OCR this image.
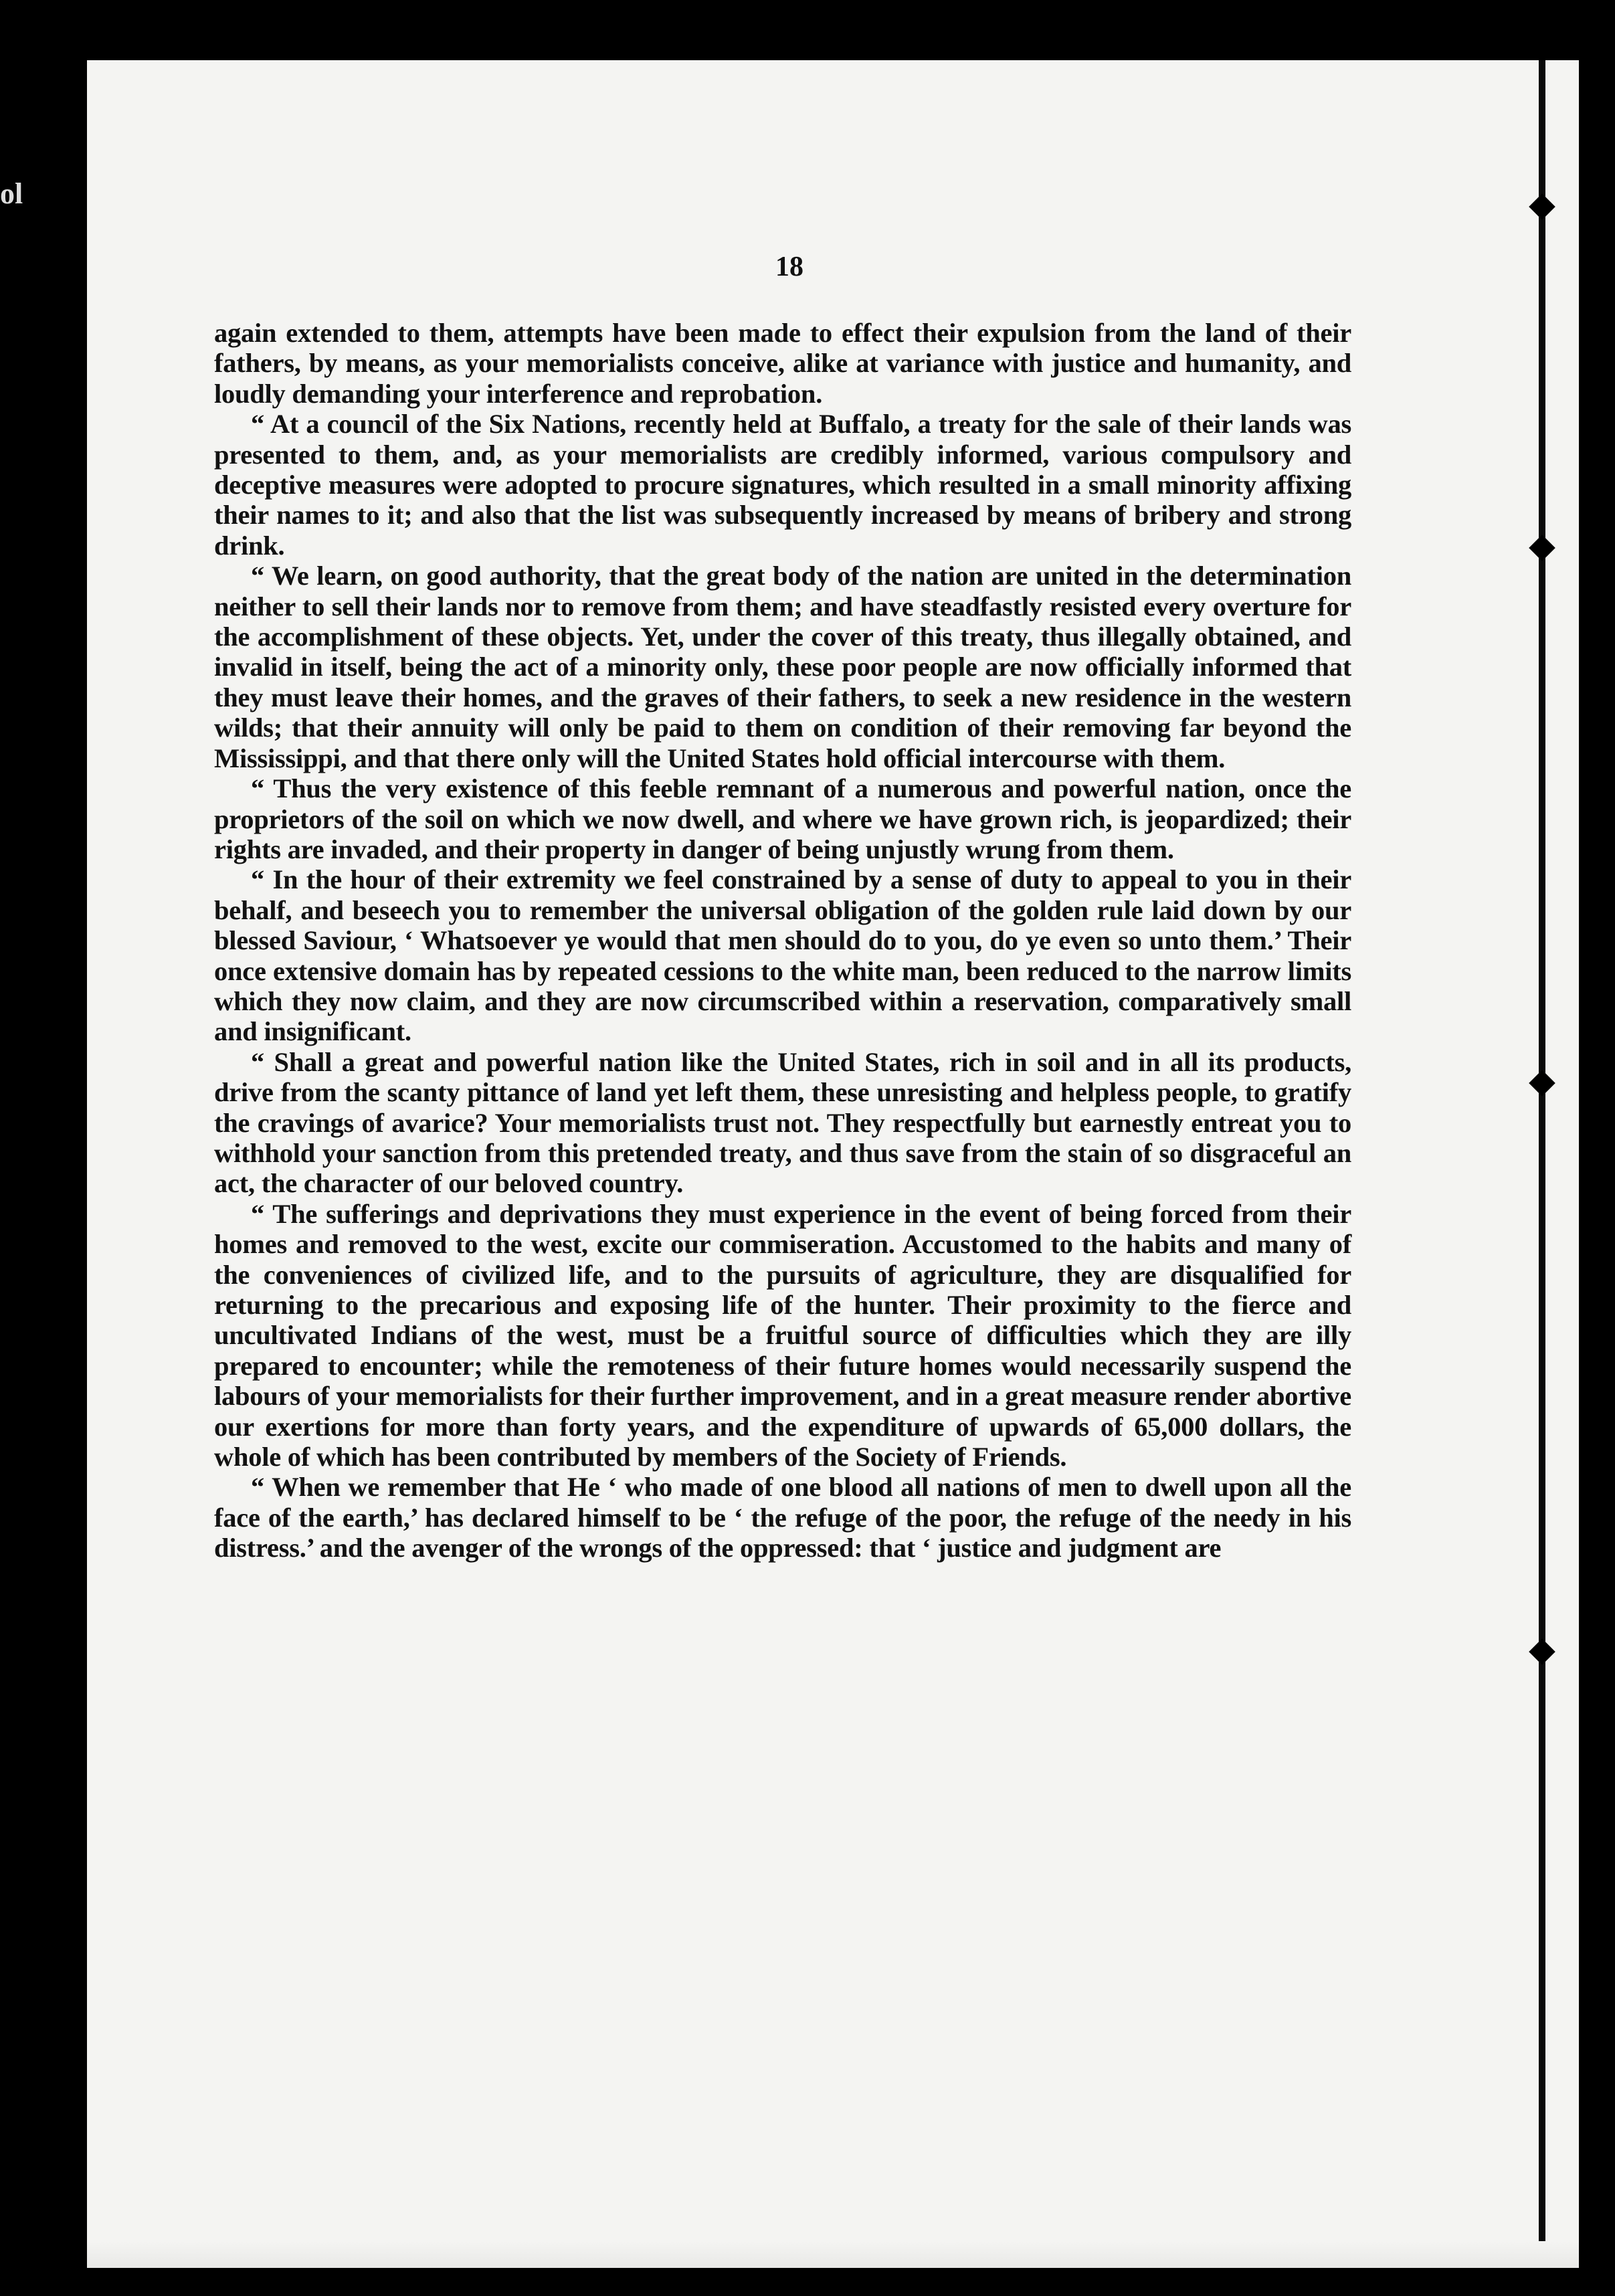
ol
18

again extended to them, attempts have been made to effect their expulsion from the land of their fathers, by means, as your memorialists conceive, alike at variance with justice and humanity, and loudly demanding your interference and reprobation.

“ At a council of the Six Nations, recently held at Buffalo, a treaty for the sale of their lands was presented to them, and, as your memorialists are credibly informed, various compulsory and deceptive measures were adopted to procure signatures, which resulted in a small minority affixing their names to it; and also that the list was subsequently increased by means of bribery and strong drink.

“ We learn, on good authority, that the great body of the nation are united in the determination neither to sell their lands nor to remove from them; and have steadfastly resisted every overture for the accomplishment of these objects. Yet, under the cover of this treaty, thus illegally obtained, and invalid in itself, being the act of a minority only, these poor people are now officially informed that they must leave their homes, and the graves of their fathers, to seek a new residence in the western wilds; that their annuity will only be paid to them on condition of their removing far beyond the Mississippi, and that there only will the United States hold official intercourse with them.

“ Thus the very existence of this feeble remnant of a numerous and powerful nation, once the proprietors of the soil on which we now dwell, and where we have grown rich, is jeopardized; their rights are invaded, and their property in danger of being unjustly wrung from them.

“ In the hour of their extremity we feel constrained by a sense of duty to appeal to you in their behalf, and beseech you to remember the universal obligation of the golden rule laid down by our blessed Saviour, ‘ Whatsoever ye would that men should do to you, do ye even so unto them.’ Their once extensive domain has by repeated cessions to the white man, been reduced to the narrow limits which they now claim, and they are now circumscribed within a reservation, comparatively small and insignificant.

“ Shall a great and powerful nation like the United States, rich in soil and in all its products, drive from the scanty pittance of land yet left them, these unresisting and helpless people, to gratify the cravings of avarice? Your memorialists trust not. They respectfully but earnestly entreat you to withhold your sanction from this pretended treaty, and thus save from the stain of so disgraceful an act, the character of our beloved country.

“ The sufferings and deprivations they must experience in the event of being forced from their homes and removed to the west, excite our commiseration. Accustomed to the habits and many of the conveniences of civilized life, and to the pursuits of agriculture, they are disqualified for returning to the precarious and exposing life of the hunter. Their proximity to the fierce and uncultivated Indians of the west, must be a fruitful source of difficulties which they are illy prepared to encounter; while the remoteness of their future homes would necessarily suspend the labours of your memorialists for their further improvement, and in a great measure render abortive our exertions for more than forty years, and the expenditure of upwards of 65,000 dollars, the whole of which has been contributed by members of the Society of Friends.

“ When we remember that He ‘ who made of one blood all nations of men to dwell upon all the face of the earth,’ has declared himself to be ‘ the refuge of the poor, the refuge of the needy in his distress.’ and the avenger of the wrongs of the oppressed: that ‘ justice and judgment are
